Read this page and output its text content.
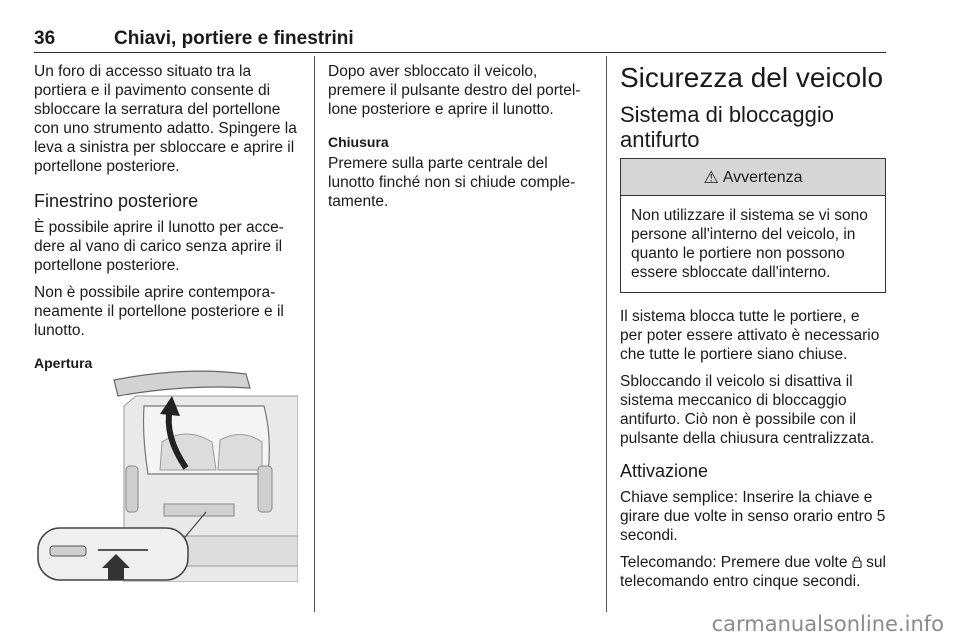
36	Chiavi, portiere e finestrini

Un foro di accesso situato tra la portiera e il pavimento consente di sbloccare la serratura del portellone con uno strumento adatto. Spingere la leva a sinistra per sbloccare e aprire il portellone posteriore.

Finestrino posteriore

È possibile aprire il lunotto per acce-dere al vano di carico senza aprire il portellone posteriore.

Non è possibile aprire contempora-neamente il portellone posteriore e il lunotto.

Apertura

Dopo aver sbloccato il veicolo, premere il pulsante destro del portel-lone posteriore e aprire il lunotto.

Chiusura

Premere sulla parte centrale del lunotto finché non si chiude comple-tamente.

Sicurezza del veicolo
Sistema di bloccaggio antifurto
⚠ Avvertenza
Non utilizzare il sistema se vi sono persone all'interno del veicolo, in quanto le portiere non possono essere sbloccate dall'interno.

Il sistema blocca tutte le portiere, e per poter essere attivato è necessario che tutte le portiere siano chiuse.

Sbloccando il veicolo si disattiva il sistema meccanico di bloccaggio antifurto. Ciò non è possibile con il pulsante della chiusura centralizzata.

Attivazione

Chiave semplice: Inserire la chiave e girare due volte in senso orario entro 5 secondi.

Telecomando: Premere due volte sul telecomando entro cinque secondi.

carmanualsonline.info
